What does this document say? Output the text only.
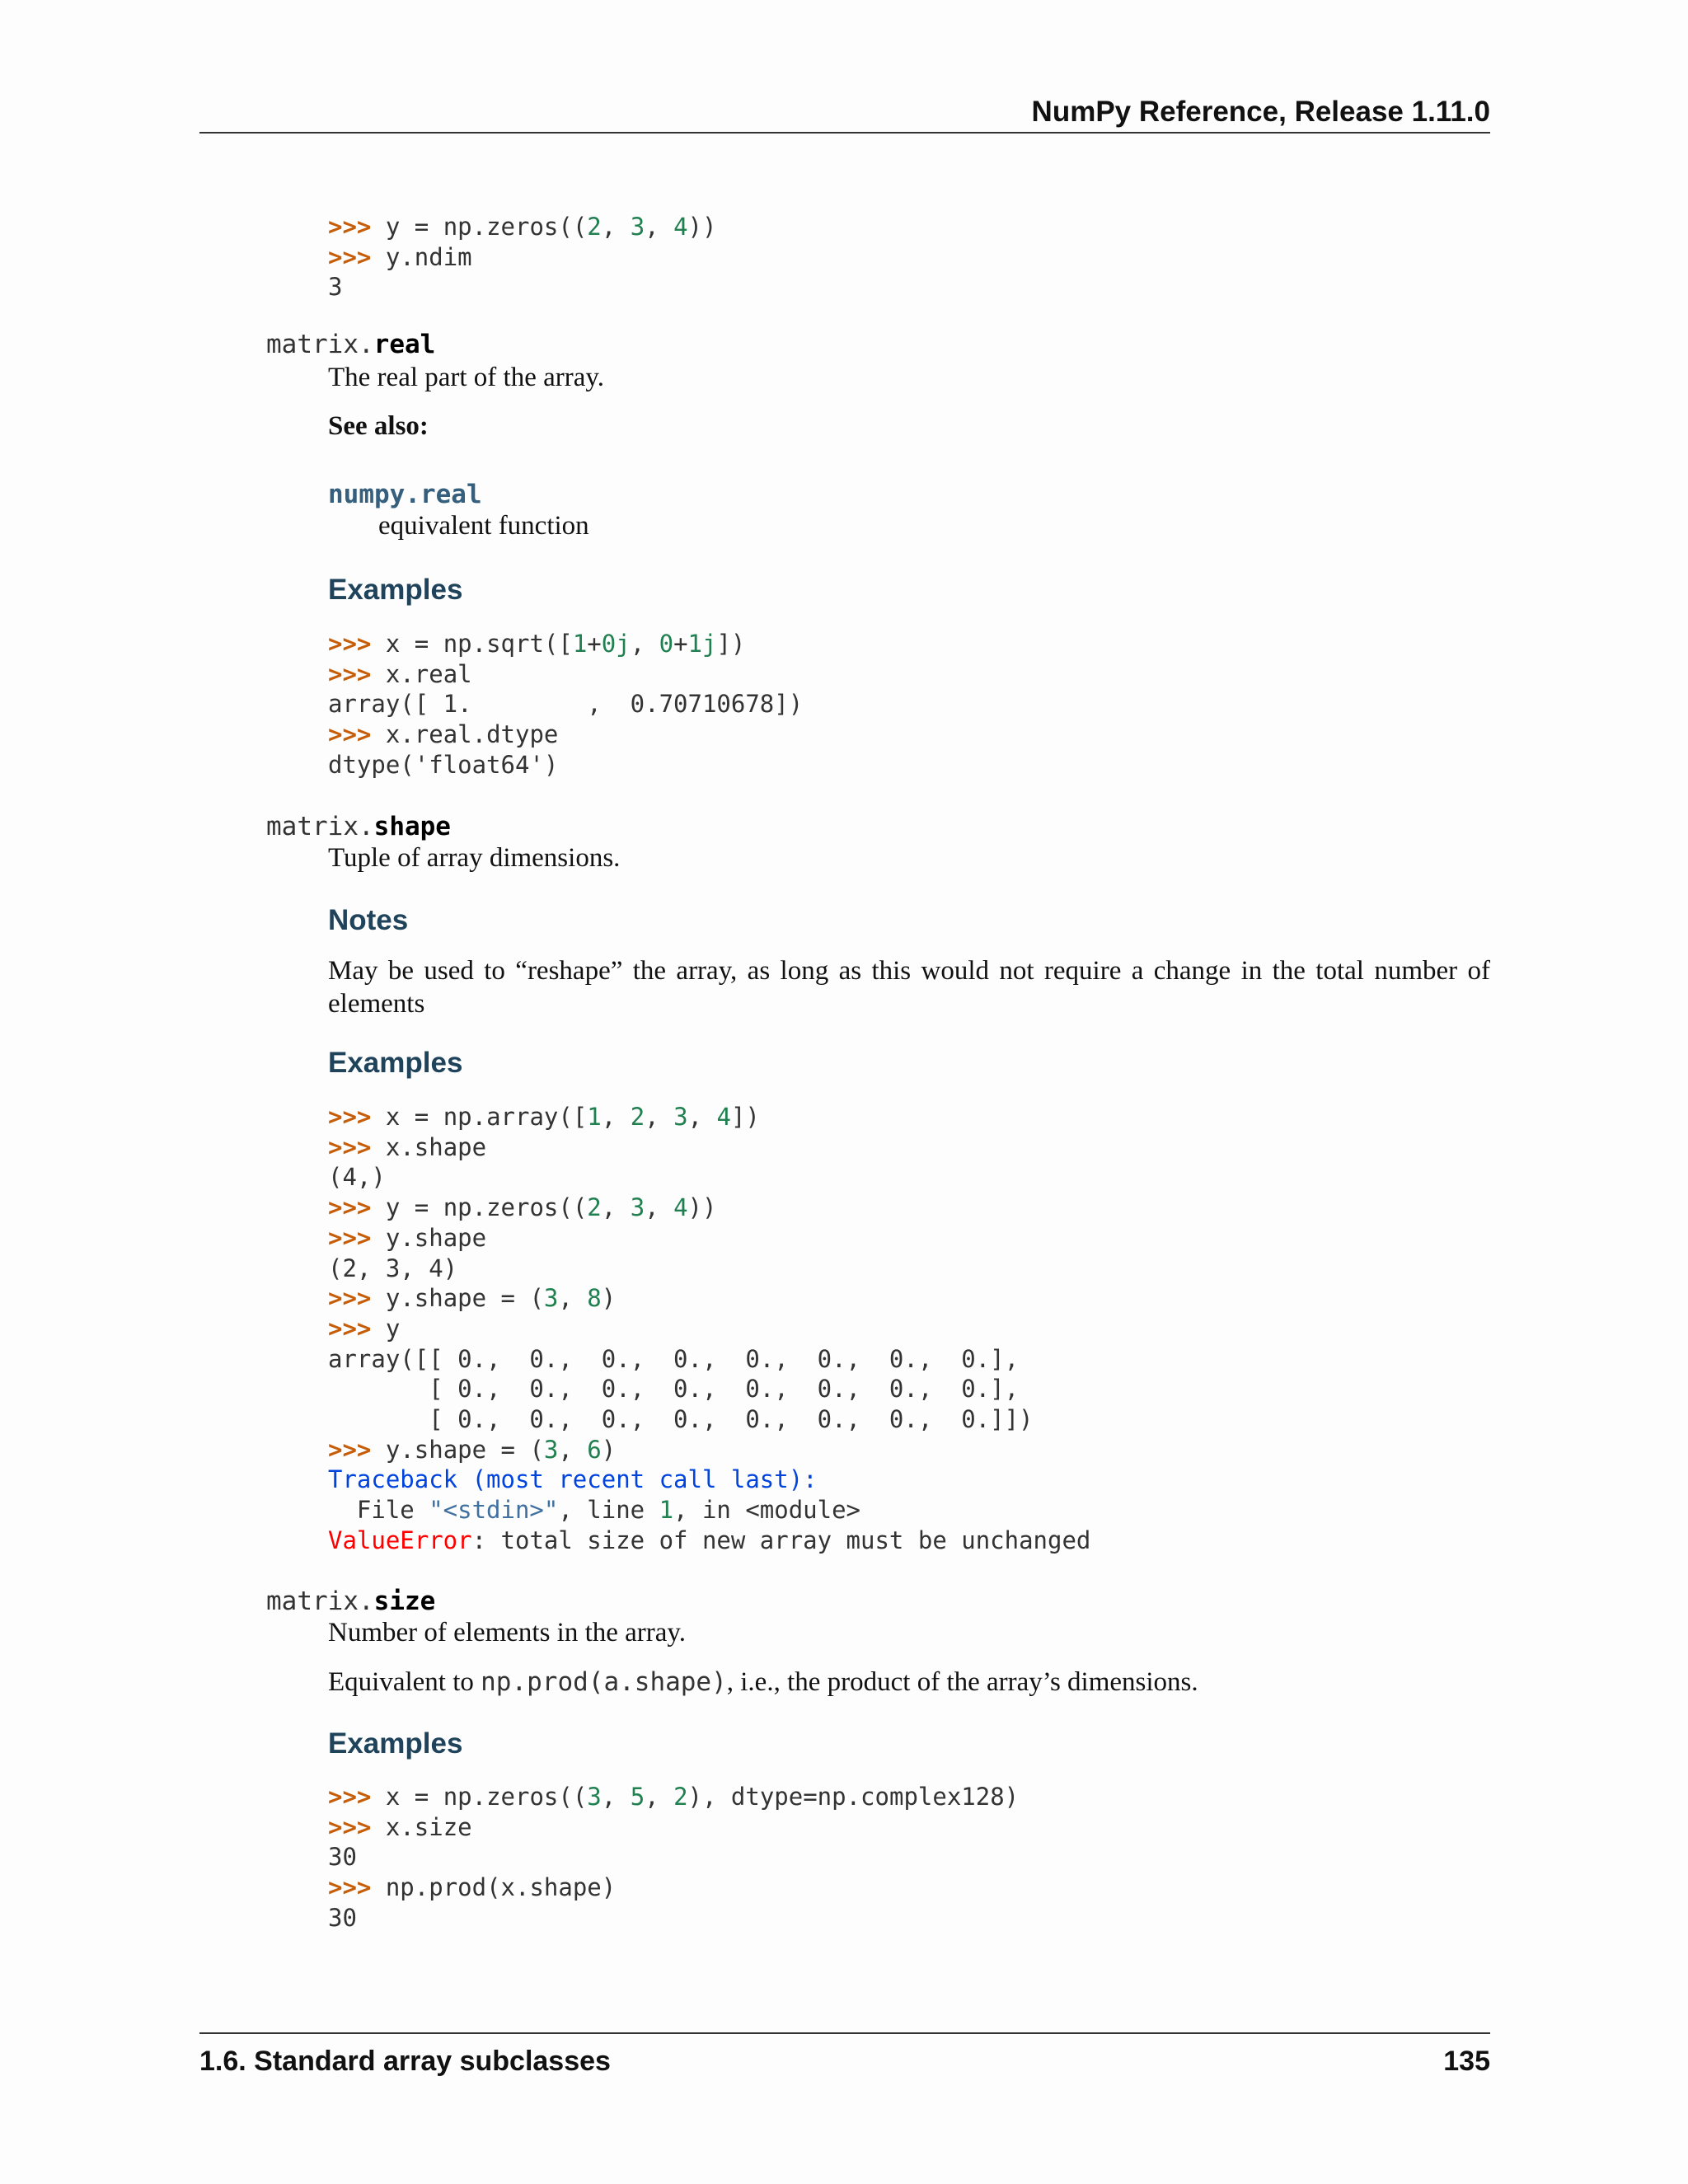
NumPy Reference, Release 1.11.0
>>> y = np.zeros((2, 3, 4))
>>> y.ndim
3
matrix.real
The real part of the array.
See also:
numpy.real
equivalent function
Examples
>>> x = np.sqrt([1+0j, 0+1j])
>>> x.real
array([ 1.        ,  0.70710678])
>>> x.real.dtype
dtype('float64')
matrix.shape
Tuple of array dimensions.
Notes
May be used to “reshape” the array, as long as this would not require a change in the total number of elements
Examples
>>> x = np.array([1, 2, 3, 4])
>>> x.shape
(4,)
>>> y = np.zeros((2, 3, 4))
>>> y.shape
(2, 3, 4)
>>> y.shape = (3, 8)
>>> y
array([[ 0.,  0.,  0.,  0.,  0.,  0.,  0.,  0.],
[ 0.,  0.,  0.,  0.,  0.,  0.,  0.,  0.],
[ 0.,  0.,  0.,  0.,  0.,  0.,  0.,  0.]])
>>> y.shape = (3, 6)
Traceback (most recent call last):
File "<stdin>", line 1, in <module>
ValueError: total size of new array must be unchanged
matrix.size
Number of elements in the array.
Equivalent to np.prod(a.shape), i.e., the product of the array’s dimensions.
Examples
>>> x = np.zeros((3, 5, 2), dtype=np.complex128)
>>> x.size
30
>>> np.prod(x.shape)
30
1.6. Standard array subclasses	135
